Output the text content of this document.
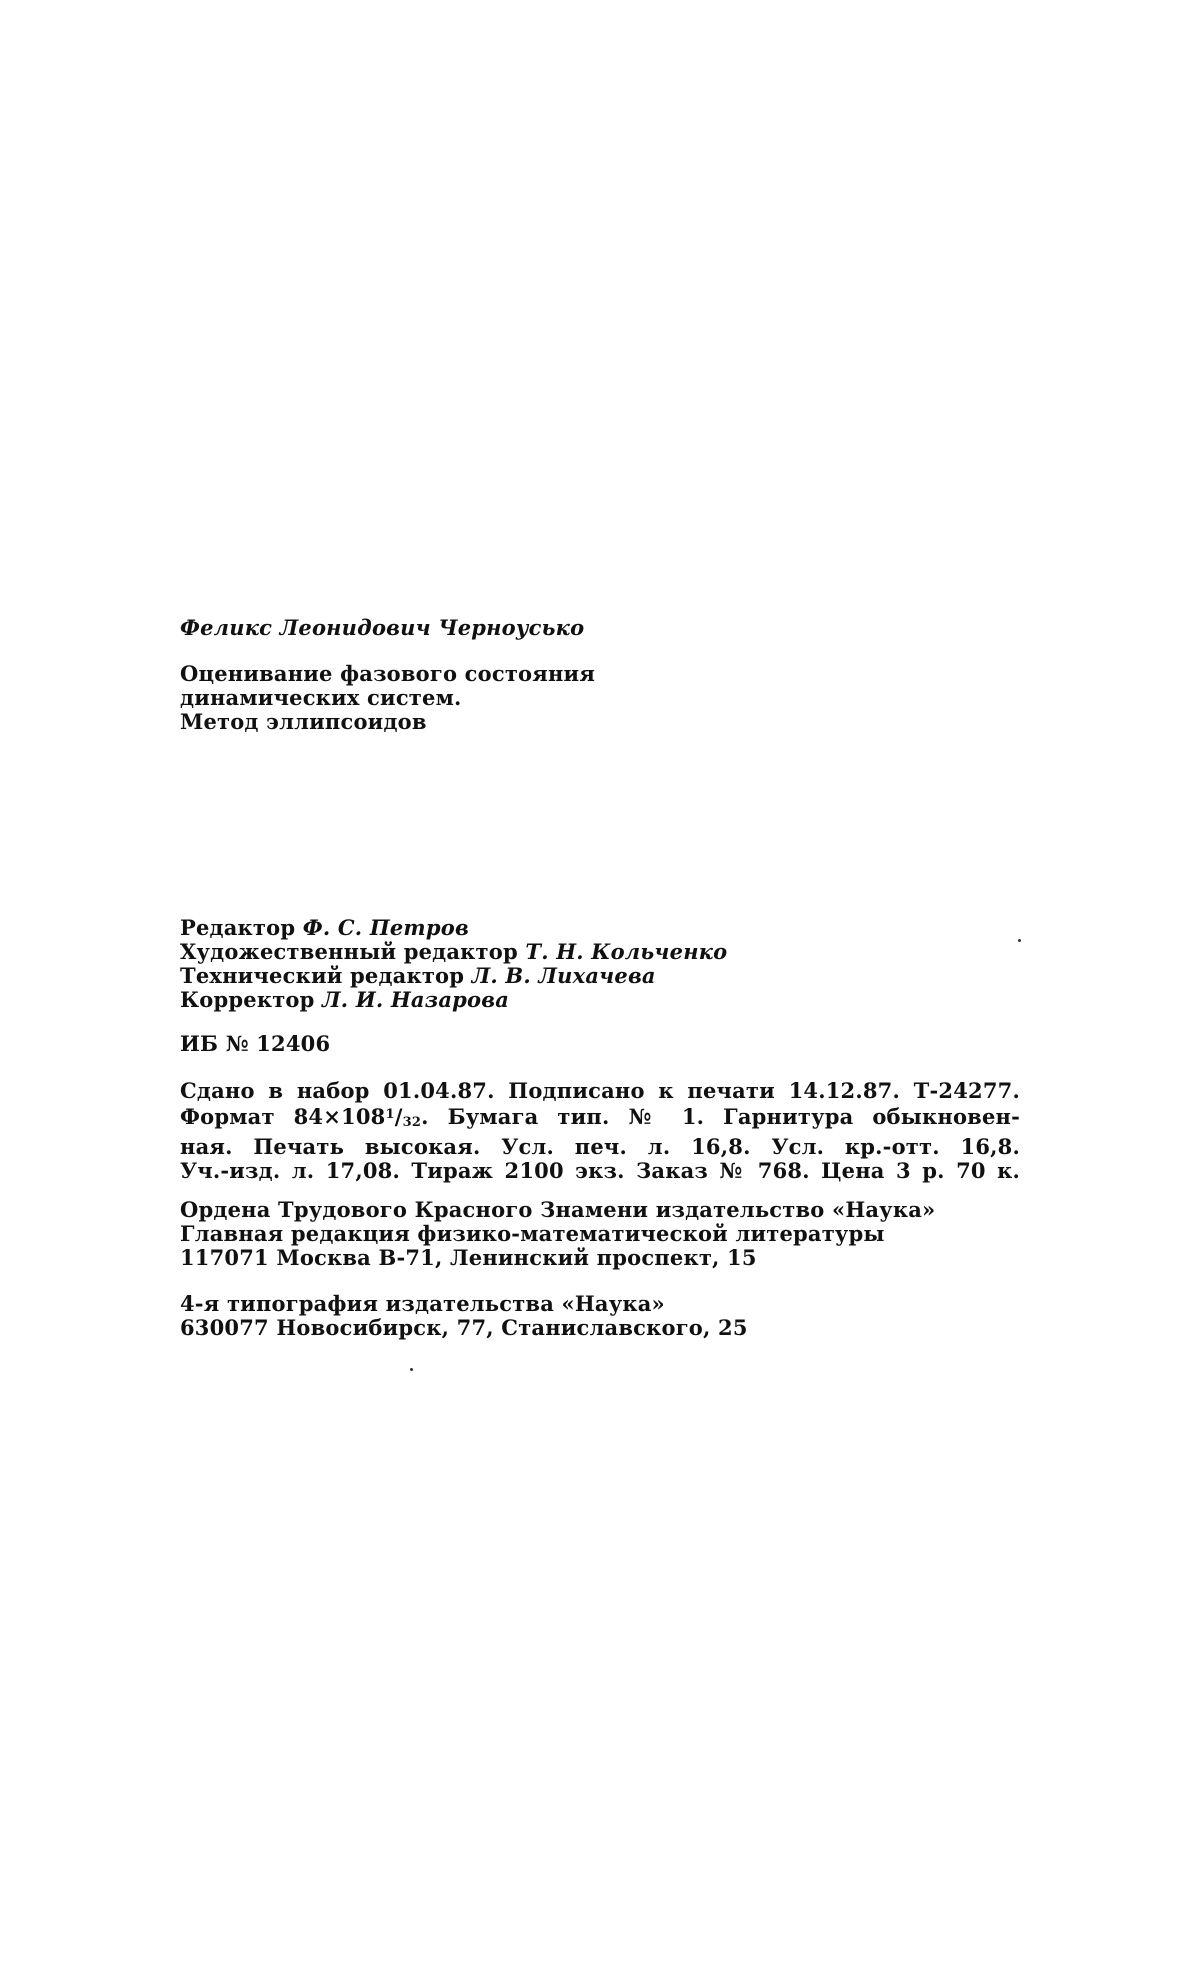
Феликс Леонидович Черноусько
Оценивание фазового состояния
динамических систем.
Метод эллипсоидов
Редактор Ф. С. Петров
Художественный редактор Т. Н. Кольченко
Технический редактор Л. В. Лихачева
Корректор Л. И. Назарова
ИБ № 12406
Сдано в набор 01.04.87. Подписано к печати 14.12.87. Т-24277.
Формат $84\times 108^1/_{32}$. Бумага тип. № 1. Гарнитура обыкновен-
ная. Печать высокая. Усл. печ. л. 16,8. Усл. кр.-отт. 16,8.
Уч.-изд. л. 17,08. Тираж 2100 экз. Заказ № 768. Цена 3 р. 70 к.
Ордена Трудового Красного Знамени издательство «Наука»
Главная редакция физико-математической литературы
117071 Москва В-71, Ленинский проспект, 15
4-я типография издательства «Наука»
630077 Новосибирск, 77, Станиславского, 25
